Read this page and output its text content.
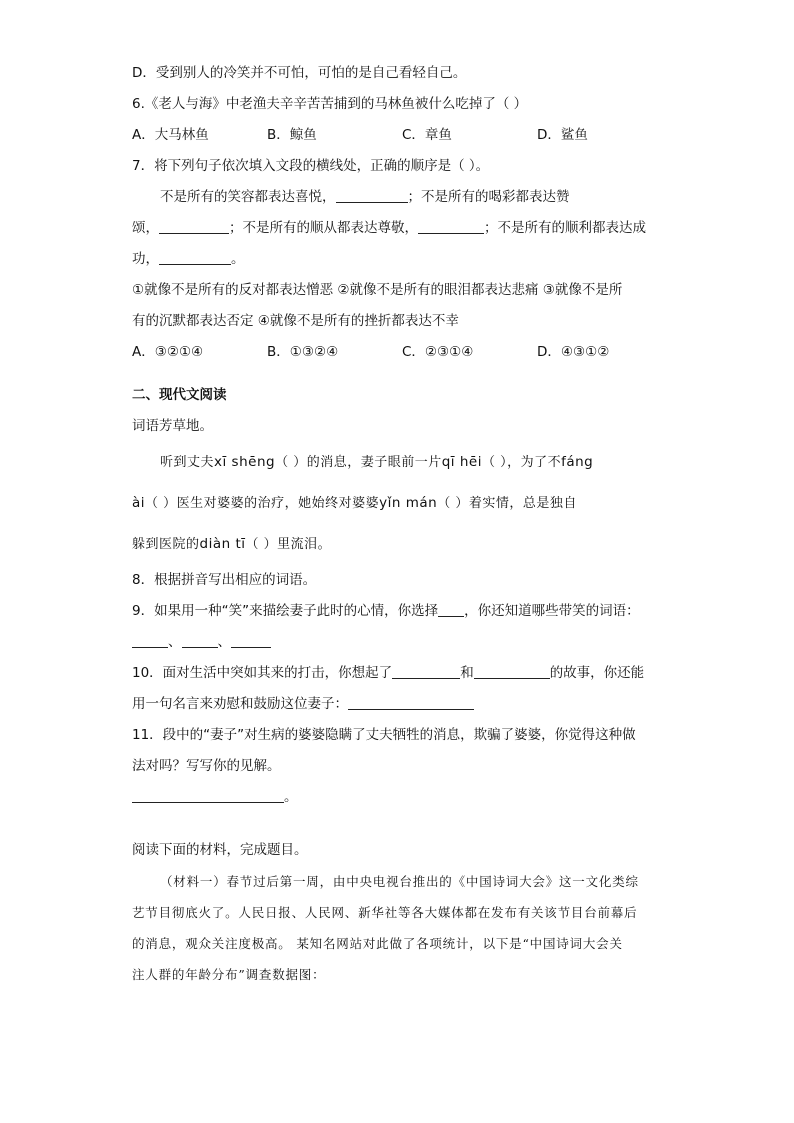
D．受到别人的冷笑并不可怕，可怕的是自己看轻自己。
6.《老人与海》中老渔夫辛辛苦苦捕到的马林鱼被什么吃掉了（ ）
A．大马林鱼	B．鲸鱼	C．章鱼	D．鲨鱼
7．将下列句子依次填入文段的横线处，正确的顺序是（ ）。
不是所有的笑容都表达喜悦，	；不是所有的喝彩都表达赞
颂，	；不是所有的顺从都表达尊敬，	；不是所有的顺利都表达成
功，	。
①就像不是所有的反对都表达憎恶 ②就像不是所有的眼泪都表达悲痛 ③就像不是所
有的沉默都表达否定 ④就像不是所有的挫折都表达不幸
A．③②①④	B．①③②④	C．②③①④	D．④③①②
二、现代文阅读
词语芳草地。
听到丈夫xī shēng（ ）的消息，妻子眼前一片qī hēi（ ），为了不fáng
ài（ ）医生对婆婆的治疗，她始终对婆婆yǐn mán（ ）着实情，总是独自
躲到医院的diàn tī（ ）里流泪。
8．根据拼音写出相应的词语。
9．如果用一种“笑”来描绘妻子此时的心情，你选择 ，你还知道哪些带笑的词语：
、	、
10．面对生活中突如其来的打击，你想起了	和	的故事，你还能
用一句名言来劝慰和鼓励这位妻子：
11．段中的“妻子”对生病的婆婆隐瞒了丈夫牺牲的消息，欺骗了婆婆，你觉得这种做
法对吗？写写你的见解。
。
阅读下面的材料，完成题目。
（材料一）春节过后第一周，由中央电视台推出的《中国诗词大会》这一文化类综
艺节目彻底火了。人民日报、人民网、新华社等各大媒体都在发布有关该节目台前幕后
的消息，观众关注度极高。 某知名网站对此做了各项统计，以下是“中国诗词大会关
注人群的年龄分布”调查数据图：
